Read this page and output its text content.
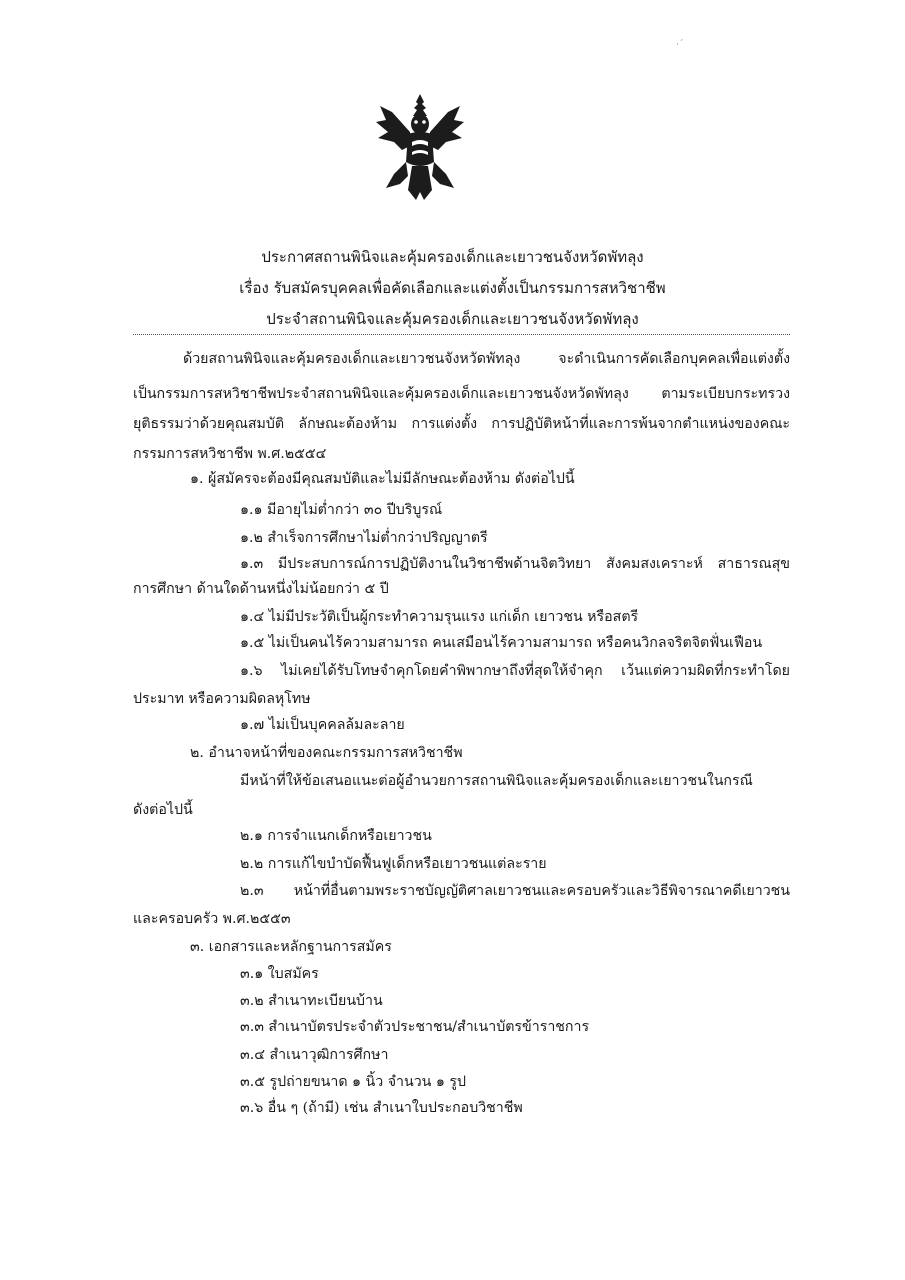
·´
ประกาศสถานพินิจและคุ้มครองเด็กและเยาวชนจังหวัดพัทลุง
เรื่อง รับสมัครบุคคลเพื่อคัดเลือกและแต่งตั้งเป็นกรรมการสหวิชาชีพ
ประจำสถานพินิจและคุ้มครองเด็กและเยาวชนจังหวัดพัทลุง
ด้วยสถานพินิจและคุ้มครองเด็กและเยาวชนจังหวัดพัทลุง จะดำเนินการคัดเลือกบุคคลเพื่อแต่งตั้ง
เป็นกรรมการสหวิชาชีพประจำสถานพินิจและคุ้มครองเด็กและเยาวชนจังหวัดพัทลุง ตามระเบียบกระทรวง
ยุติธรรมว่าด้วยคุณสมบัติ ลักษณะต้องห้าม การแต่งตั้ง การปฏิบัติหน้าที่และการพ้นจากตำแหน่งของคณะ
กรรมการสหวิชาชีพ พ.ศ.๒๕๕๔
๑. ผู้สมัครจะต้องมีคุณสมบัติและไม่มีลักษณะต้องห้าม ดังต่อไปนี้
๑.๑ มีอายุไม่ต่ำกว่า ๓๐ ปีบริบูรณ์
๑.๒ สำเร็จการศึกษาไม่ต่ำกว่าปริญญาตรี
๑.๓ มีประสบการณ์การปฏิบัติงานในวิชาชีพด้านจิตวิทยา สังคมสงเคราะห์ สาธารณสุข
การศึกษา ด้านใดด้านหนึ่งไม่น้อยกว่า ๕ ปี
๑.๔ ไม่มีประวัติเป็นผู้กระทำความรุนแรง แก่เด็ก เยาวชน หรือสตรี
๑.๕ ไม่เป็นคนไร้ความสามารถ คนเสมือนไร้ความสามารถ หรือคนวิกลจริตจิตฟั่นเฟือน
๑.๖ ไม่เคยได้รับโทษจำคุกโดยคำพิพากษาถึงที่สุดให้จำคุก เว้นแต่ความผิดที่กระทำโดย
ประมาท หรือความผิดลหุโทษ
๑.๗ ไม่เป็นบุคคลล้มละลาย
๒. อำนาจหน้าที่ของคณะกรรมการสหวิชาชีพ
มีหน้าที่ให้ข้อเสนอแนะต่อผู้อำนวยการสถานพินิจและคุ้มครองเด็กและเยาวชนในกรณี
ดังต่อไปนี้
๒.๑ การจำแนกเด็กหรือเยาวชน
๒.๒ การแก้ไขบำบัดฟื้นฟูเด็กหรือเยาวชนแต่ละราย
๒.๓ หน้าที่อื่นตามพระราชบัญญัติศาลเยาวชนและครอบครัวและวิธีพิจารณาคดีเยาวชน
และครอบครัว พ.ศ.๒๕๕๓
๓. เอกสารและหลักฐานการสมัคร
๓.๑ ใบสมัคร
๓.๒ สำเนาทะเบียนบ้าน
๓.๓ สำเนาบัตรประจำตัวประชาชน/สำเนาบัตรข้าราชการ
๓.๔ สำเนาวุฒิการศึกษา
๓.๕ รูปถ่ายขนาด ๑ นิ้ว จำนวน ๑ รูป
๓.๖ อื่น ๆ (ถ้ามี) เช่น สำเนาใบประกอบวิชาชีพ
